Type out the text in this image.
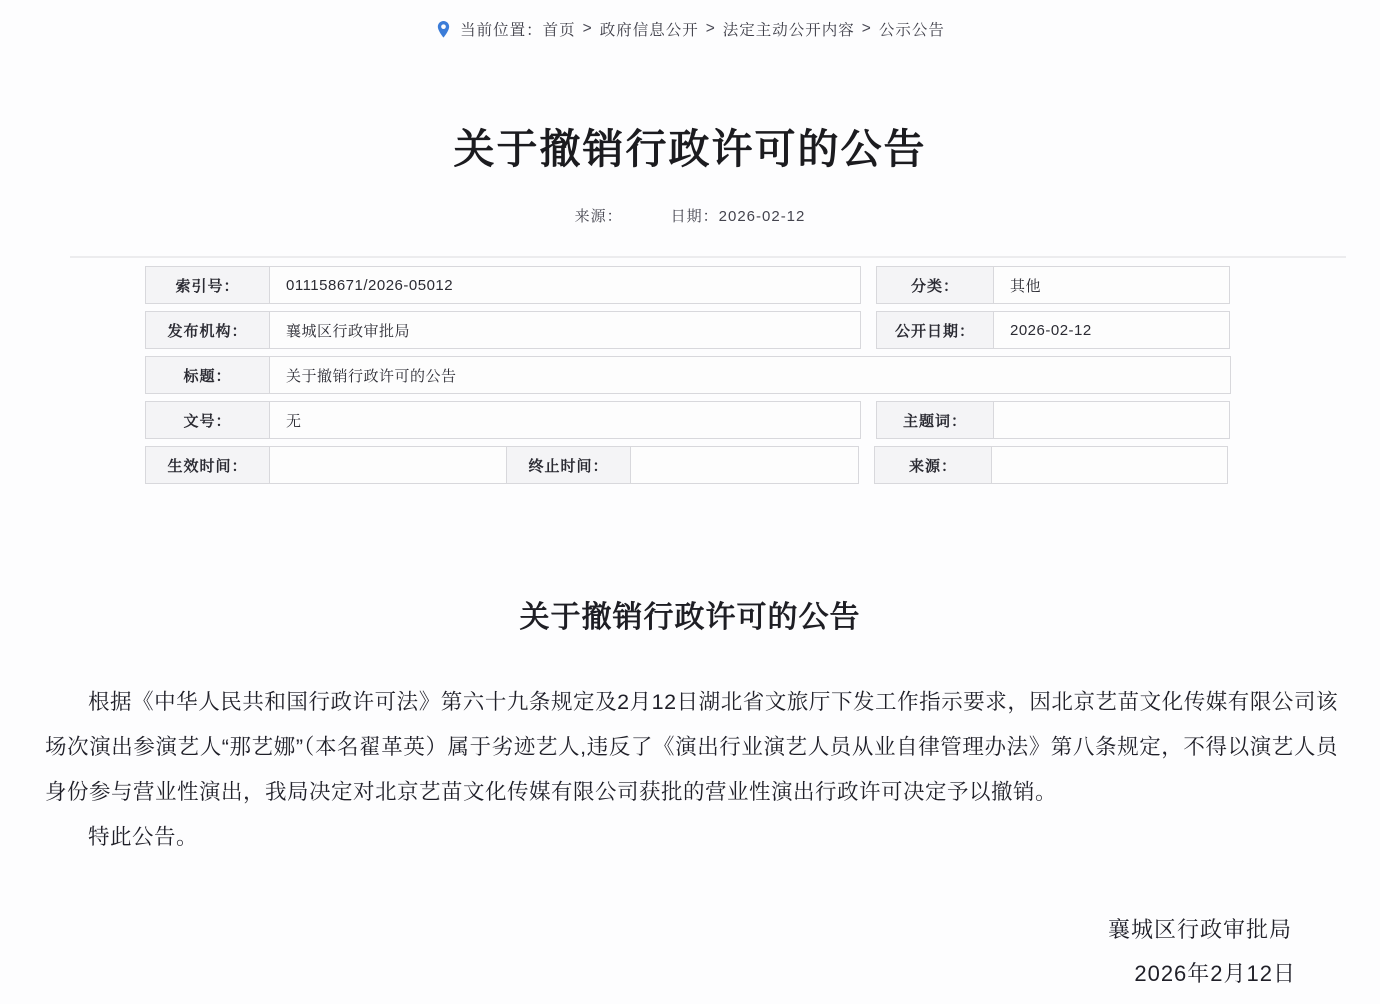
当前位置： 首页 > 政府信息公开 > 法定主动公开内容 > 公示公告
关于撤销行政许可的公告
来源：	日期：2026-02-12
索引号：	011158671/2026-05012	分类：	其他
发布机构：	襄城区行政审批局	公开日期：	2026-02-12
标题：	关于撤销行政许可的公告
文号：	无	主题词：
生效时间：	终止时间：	来源：
关于撤销行政许可的公告

根据《中华人民共和国行政许可法》第六十九条规定及2月12日湖北省文旅厅下发工作指示要求，因北京艺苗文化传媒有限公司该场次演出参演艺人“那艺娜”（本名翟革英）属于劣迹艺人,违反了《演出行业演艺人员从业自律管理办法》第八条规定，不得以演艺人员身份参与营业性演出，我局决定对北京艺苗文化传媒有限公司获批的营业性演出行政许可决定予以撤销。

特此公告。

襄城区行政审批局
2026年2月12日
